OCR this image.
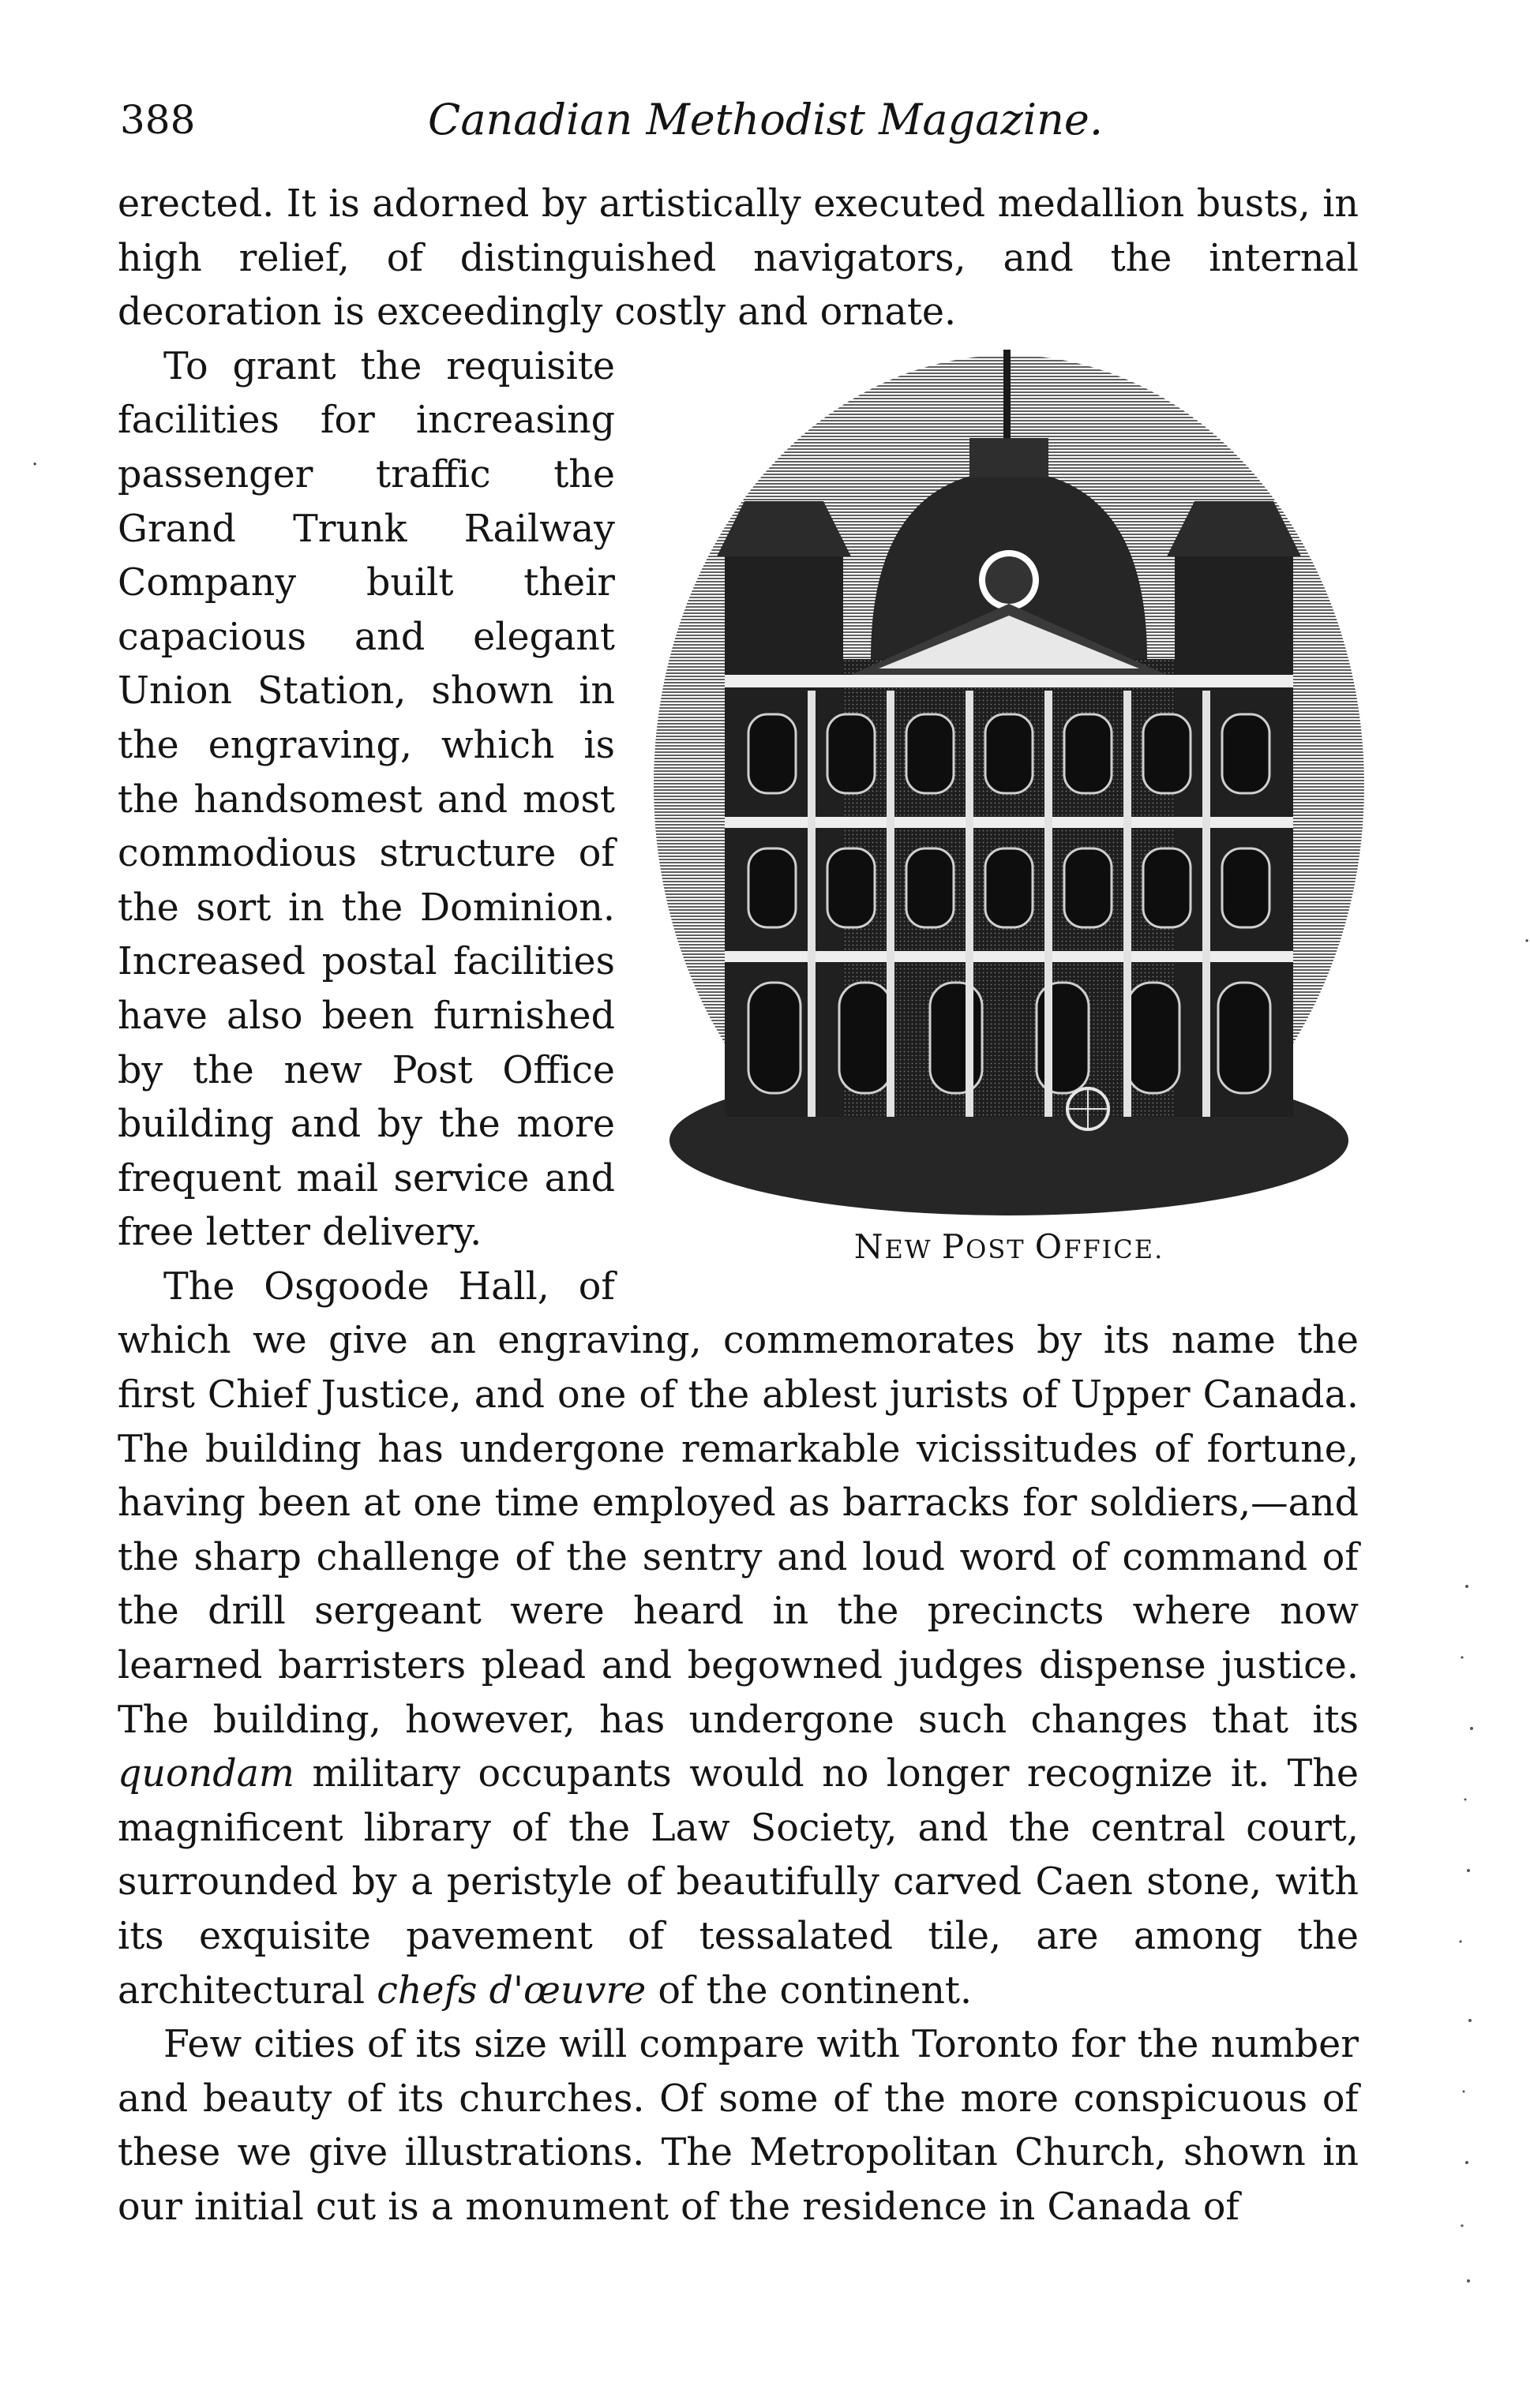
388	Canadian Methodist Magazine.

erected. It is adorned by artistically executed medallion busts, in high relief, of distinguished navigators, and the internal decoration is exceedingly costly and ornate.

NEW POST OFFICE.

To grant the requisite facilities for increasing passenger traffic the Grand Trunk Railway Company built their capacious and elegant Union Station, shown in the engraving, which is the handsomest and most commodious structure of the sort in the Dominion. Increased postal facilities have also been furnished by the new Post Office building and by the more frequent mail service and free letter delivery.

The Osgoode Hall, of which we give an engraving, commemorates by its name the first Chief Justice, and one of the ablest jurists of Upper Canada. The building has undergone remarkable vicissitudes of fortune, having been at one time employed as barracks for soldiers,—and the sharp challenge of the sentry and loud word of command of the drill sergeant were heard in the precincts where now learned barristers plead and begowned judges dispense justice. The building, however, has undergone such changes that its quondam military occupants would no longer recognize it. The magnificent library of the Law Society, and the central court, surrounded by a peristyle of beautifully carved Caen stone, with its exquisite pavement of tessalated tile, are among the architectural chefs d'œuvre of the continent.

Few cities of its size will compare with Toronto for the number and beauty of its churches. Of some of the more conspicuous of these we give illustrations. The Metropolitan Church, shown in our initial cut is a monument of the residence in Canada of

·
·
